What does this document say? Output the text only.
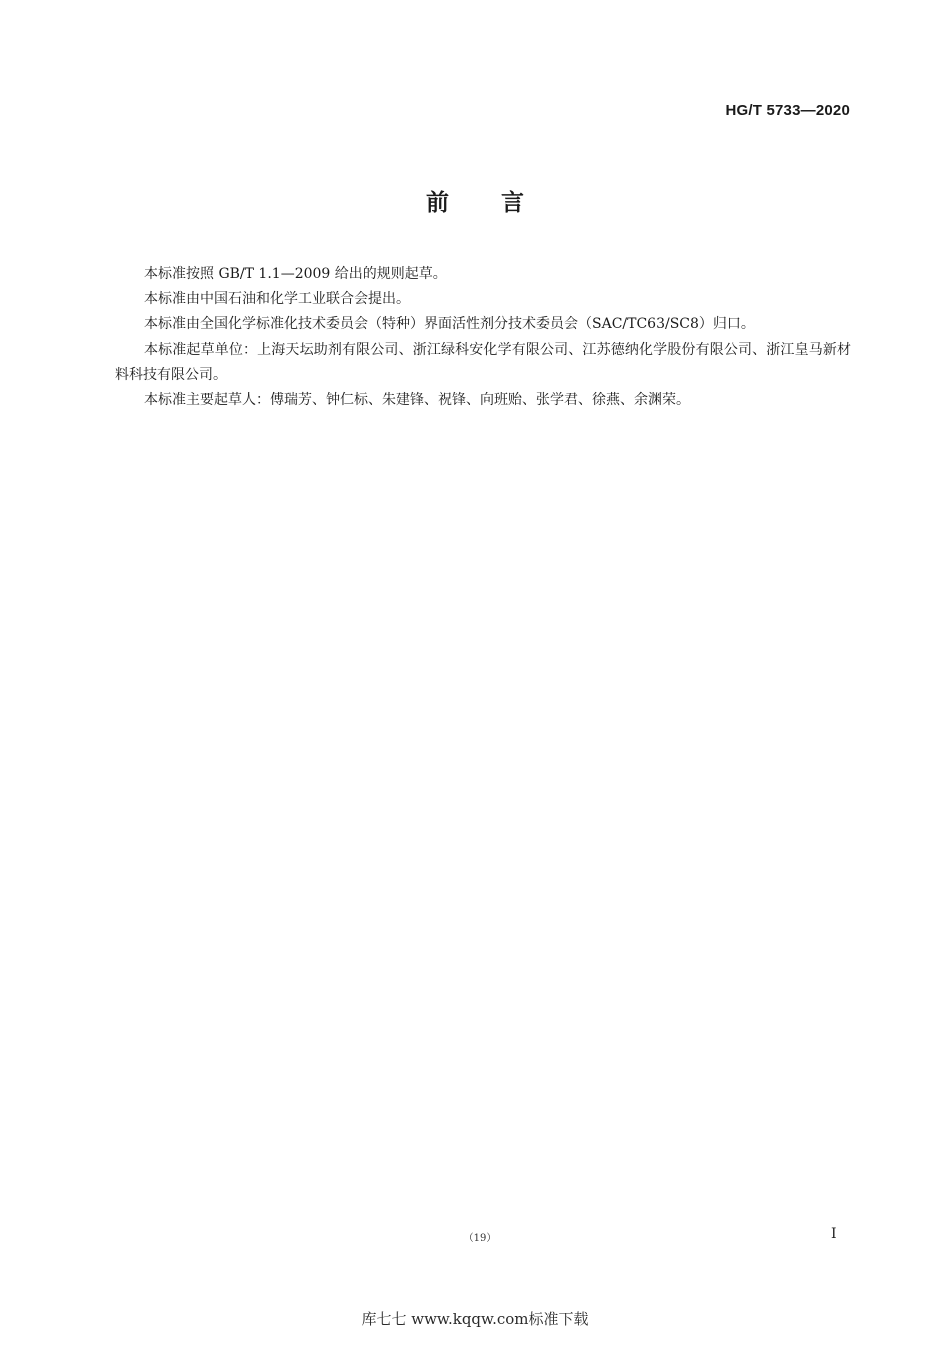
HG/T 5733—2020
前言

本标准按照 GB/T 1.1—2009 给出的规则起草。

本标准由中国石油和化学工业联合会提出。

本标准由全国化学标准化技术委员会（特种）界面活性剂分技术委员会（SAC/TC63/SC8）归口。

本标准起草单位：上海天坛助剂有限公司、浙江绿科安化学有限公司、江苏德纳化学股份有限公司、浙江皇马新材料科技有限公司。

本标准主要起草人：傅瑞芳、钟仁标、朱建锋、祝锋、向班贻、张学君、徐燕、余渊荣。

（19）	I
库七七 www.kqqw.com标准下载
